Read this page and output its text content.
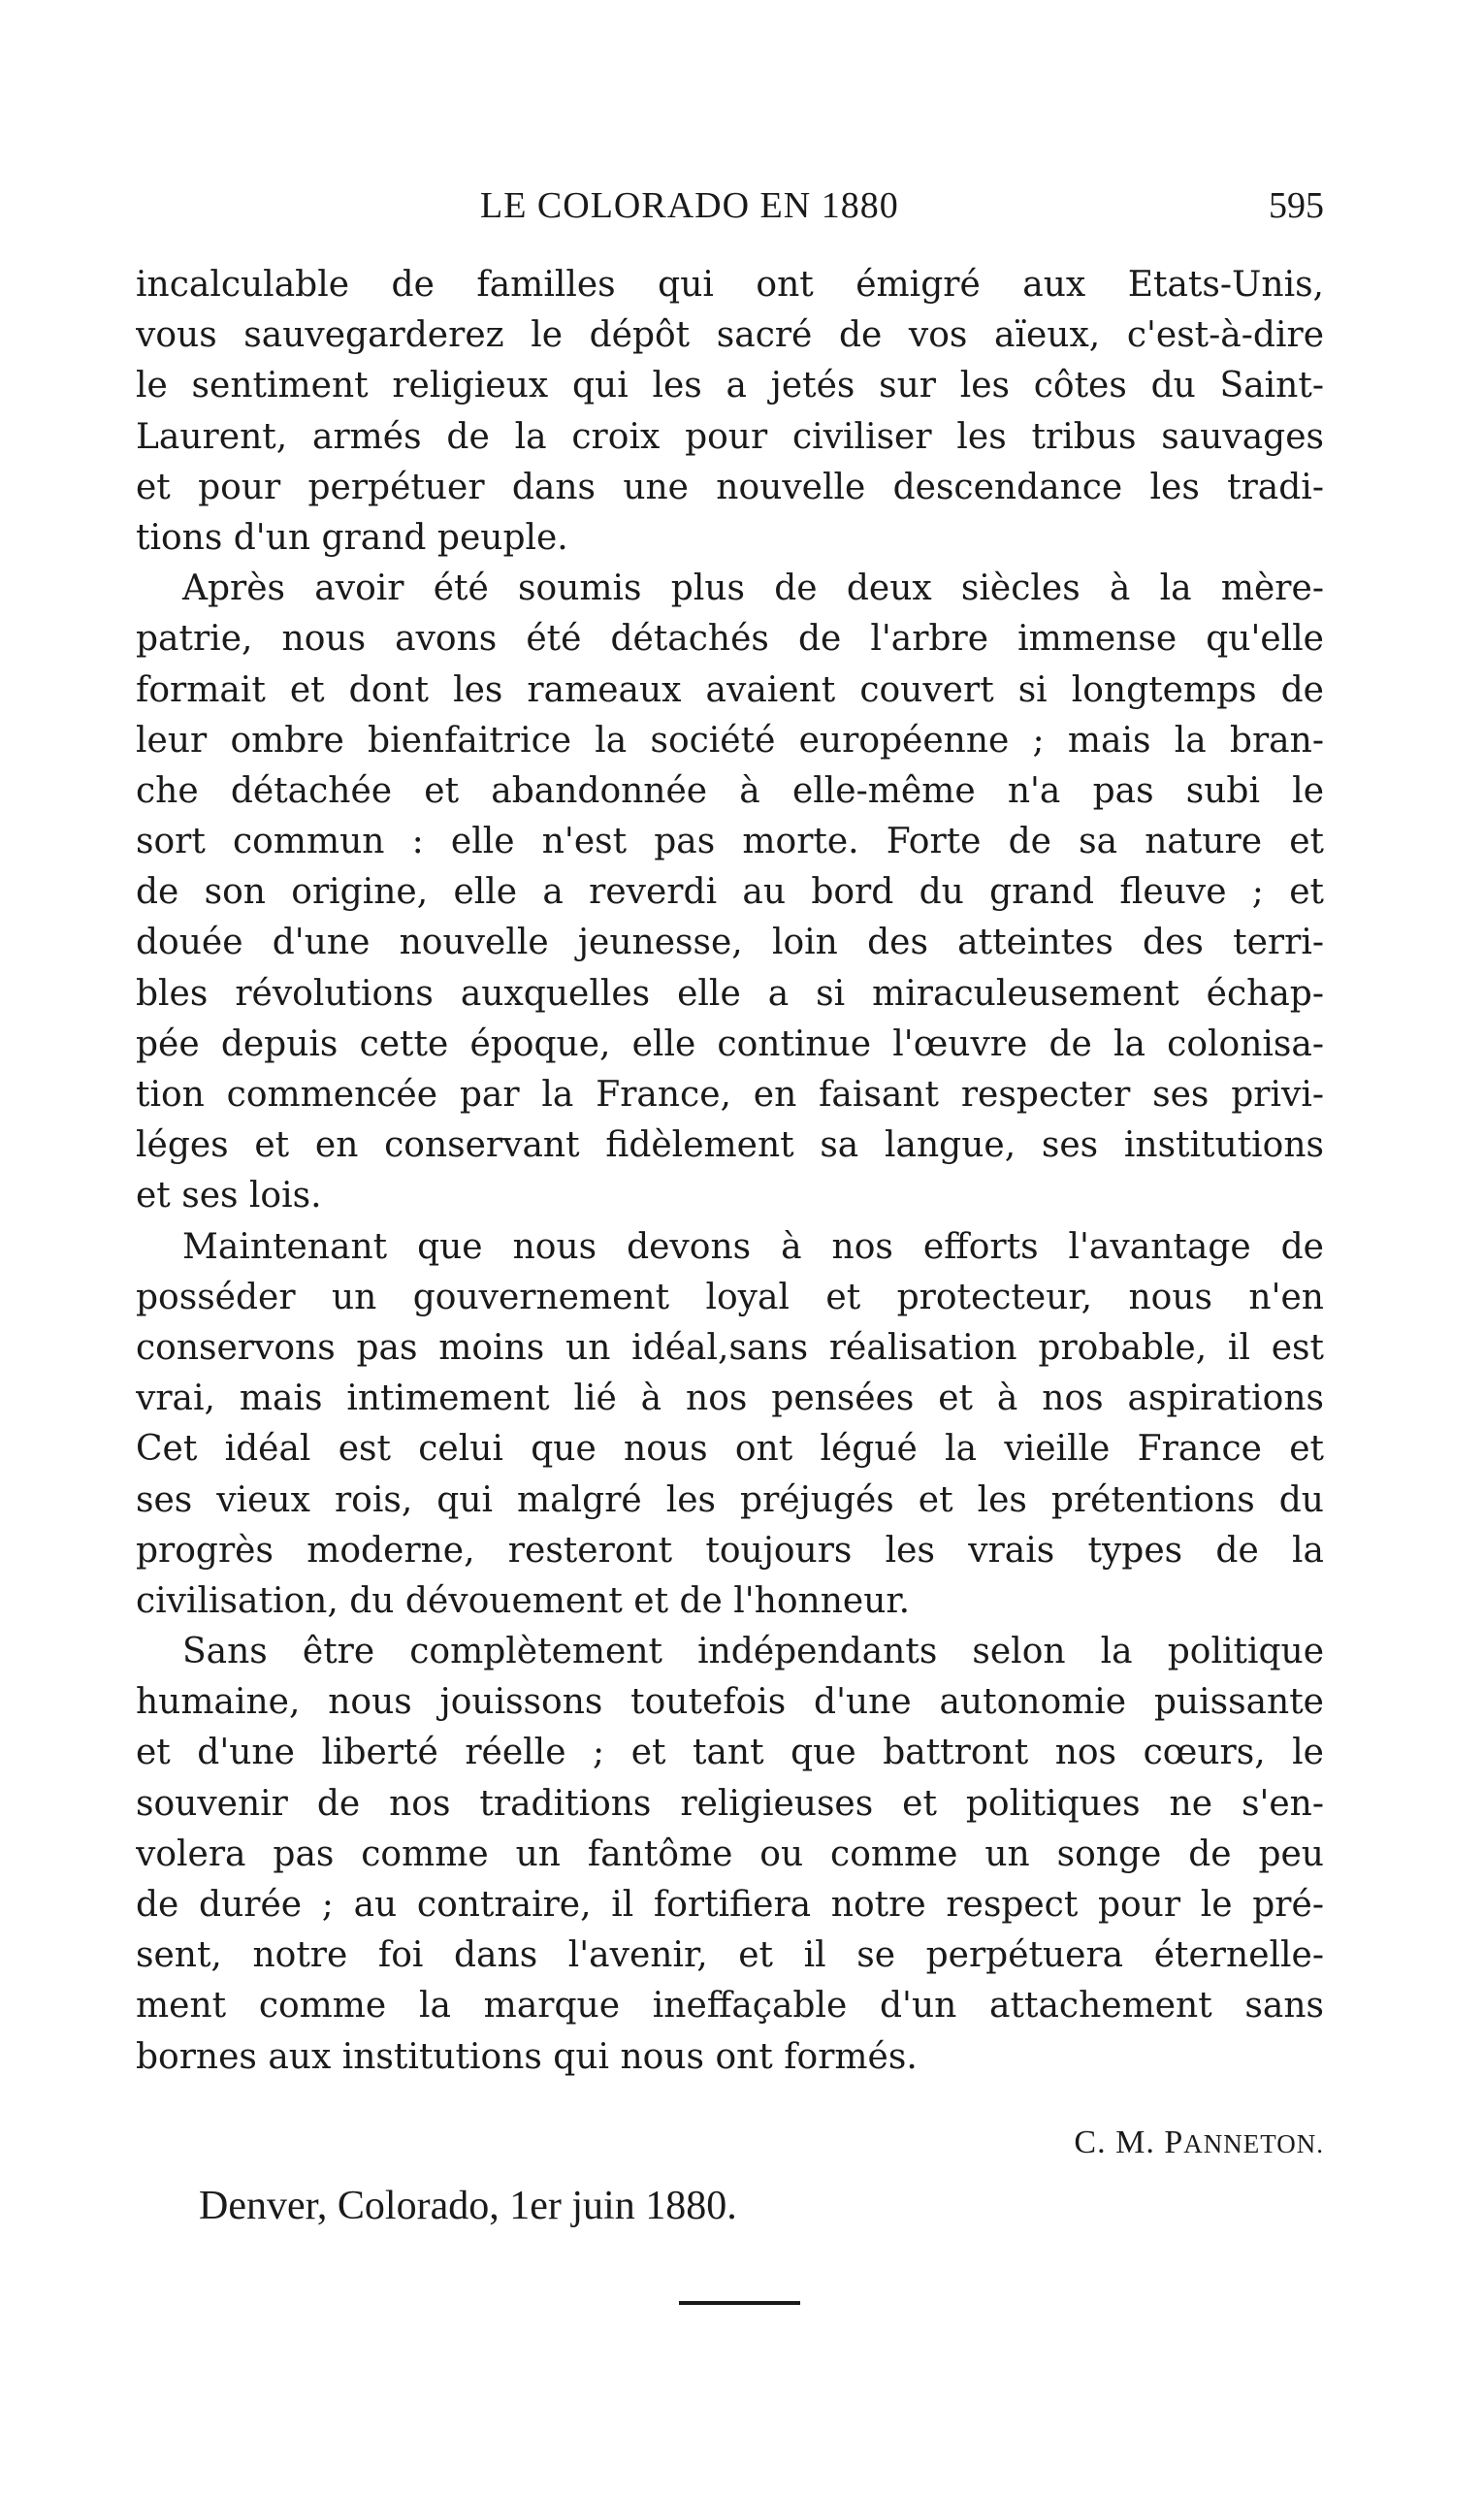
LE COLORADO EN 1880	595
incalculable de familles qui ont émigré aux Etats-Unis,
vous sauvegarderez le dépôt sacré de vos aïeux, c'est-à-dire
le sentiment religieux qui les a jetés sur les côtes du Saint-
Laurent, armés de la croix pour civiliser les tribus sauvages
et pour perpétuer dans une nouvelle descendance les tradi-
tions d'un grand peuple.
Après avoir été soumis plus de deux siècles à la mère-
patrie, nous avons été détachés de l'arbre immense qu'elle
formait et dont les rameaux avaient couvert si longtemps de
leur ombre bienfaitrice la société européenne ; mais la bran-
che détachée et abandonnée à elle-même n'a pas subi le
sort commun : elle n'est pas morte. Forte de sa nature et
de son origine, elle a reverdi au bord du grand fleuve ; et
douée d'une nouvelle jeunesse, loin des atteintes des terri-
bles révolutions auxquelles elle a si miraculeusement échap-
pée depuis cette époque, elle continue l'œuvre de la colonisa-
tion commencée par la France, en faisant respecter ses privi-
léges et en conservant fidèlement sa langue, ses institutions
et ses lois.
Maintenant que nous devons à nos efforts l'avantage de
posséder un gouvernement loyal et protecteur, nous n'en
conservons pas moins un idéal,sans réalisation probable, il est
vrai, mais intimement lié à nos pensées et à nos aspirations
Cet idéal est celui que nous ont légué la vieille France et
ses vieux rois, qui malgré les préjugés et les prétentions du
progrès moderne, resteront toujours les vrais types de la
civilisation, du dévouement et de l'honneur.
Sans être complètement indépendants selon la politique
humaine, nous jouissons toutefois d'une autonomie puissante
et d'une liberté réelle ; et tant que battront nos cœurs, le
souvenir de nos traditions religieuses et politiques ne s'en-
volera pas comme un fantôme ou comme un songe de peu
de durée ; au contraire, il fortifiera notre respect pour le pré-
sent, notre foi dans l'avenir, et il se perpétuera éternelle-
ment comme la marque ineffaçable d'un attachement sans
bornes aux institutions qui nous ont formés.
C. M. PANNETON.
Denver, Colorado, 1er juin 1880.
